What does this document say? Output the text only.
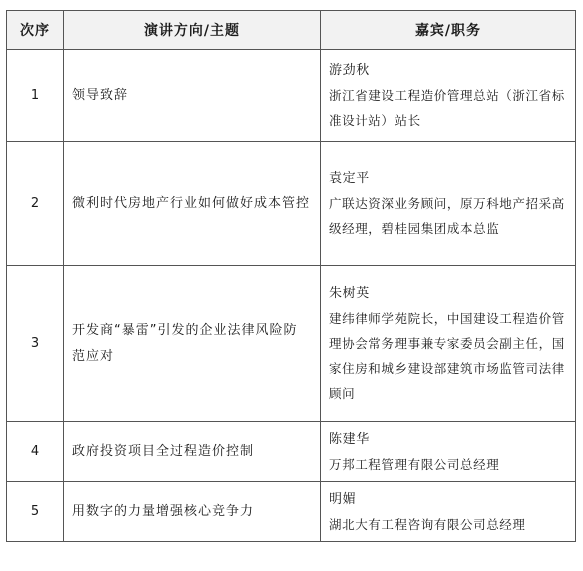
次序	演讲方向/主题	嘉宾/职务
1	领导致辞	游劲秋
浙江省建设工程造价管理总站（浙江省标准设计站）站长

2	微利时代房地产行业如何做好成本管控	袁定平
广联达资深业务顾问，原万科地产招采高级经理，碧桂园集团成本总监

3	开发商“暴雷”引发的企业法律风险防范应对	朱树英
建纬律师学苑院长，中国建设工程造价管理协会常务理事兼专家委员会副主任，国家住房和城乡建设部建筑市场监管司法律顾问

4	政府投资项目全过程造价控制	陈建华
万邦工程管理有限公司总经理

5	用数字的力量增强核心竞争力	明媚
湖北大有工程咨询有限公司总经理
